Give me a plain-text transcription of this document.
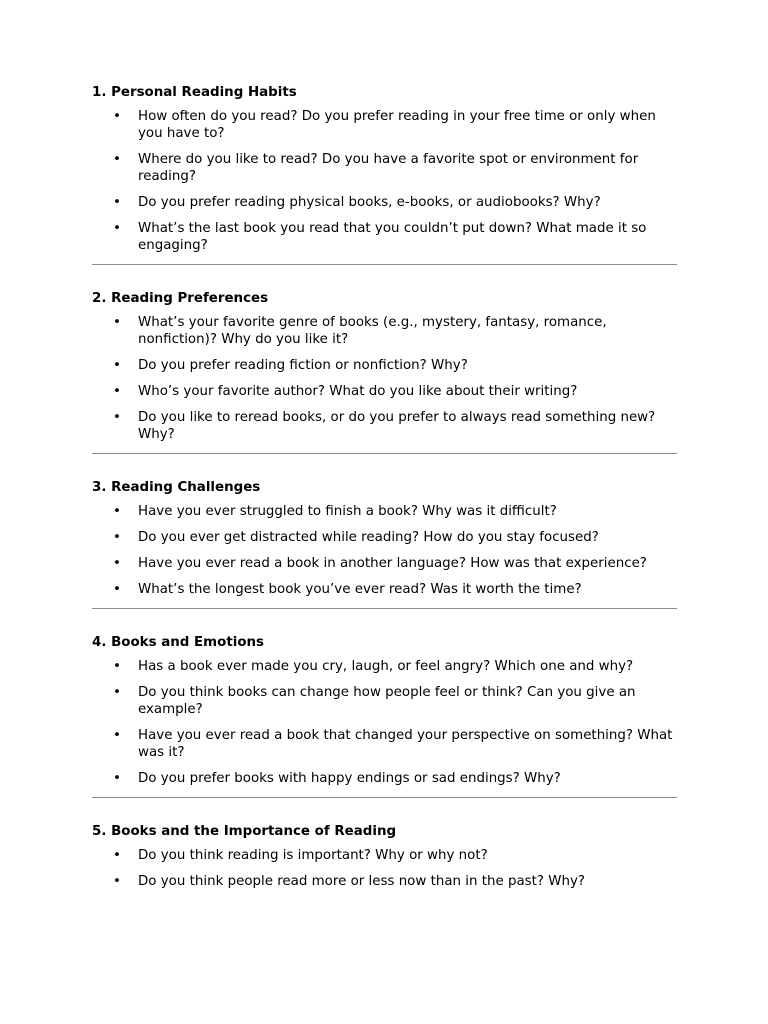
1. Personal Reading Habits
• How often do you read? Do you prefer reading in your free time or only when you have to?
• Where do you like to read? Do you have a favorite spot or environment for reading?
• Do you prefer reading physical books, e-books, or audiobooks? Why?
• What’s the last book you read that you couldn’t put down? What made it so engaging?
2. Reading Preferences
• What’s your favorite genre of books (e.g., mystery, fantasy, romance, nonfiction)? Why do you like it?
• Do you prefer reading fiction or nonfiction? Why?
• Who’s your favorite author? What do you like about their writing?
• Do you like to reread books, or do you prefer to always read something new? Why?
3. Reading Challenges
• Have you ever struggled to finish a book? Why was it difficult?
• Do you ever get distracted while reading? How do you stay focused?
• Have you ever read a book in another language? How was that experience?
• What’s the longest book you’ve ever read? Was it worth the time?
4. Books and Emotions
• Has a book ever made you cry, laugh, or feel angry? Which one and why?
• Do you think books can change how people feel or think? Can you give an example?
• Have you ever read a book that changed your perspective on something? What was it?
• Do you prefer books with happy endings or sad endings? Why?
5. Books and the Importance of Reading
• Do you think reading is important? Why or why not?
• Do you think people read more or less now than in the past? Why?
